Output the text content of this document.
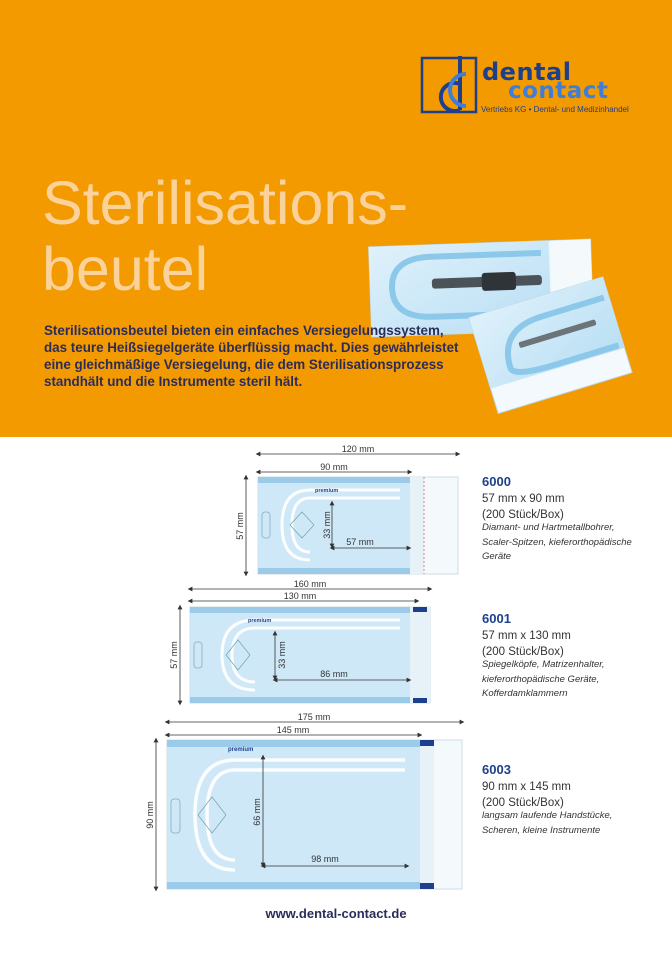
dental
contact
Vertriebs KG • Dental- und Medizinhandel
Sterilisations-
beutel

Sterilisationsbeutel bieten ein einfaches Versiegelungssystem, das teure Heißsiegelgeräte überflüssig macht. Dies gewährleistet eine gleichmäßige Versiegelung, die dem Sterilisationsprozess standhält und die Instrumente steril hält.

premium
premium
premium
120 mm
90 mm
57 mm	33 mm
57 mm
160 mm
130 mm
57 mm	33 mm
86 mm
175 mm
145 mm
90 mm	66 mm
98 mm
6000
57 mm x 90 mm
(200 Stück/Box)

Diamant- und Hartmetallbohrer, Scaler-Spitzen, kieferorthopädische Geräte

6001
57 mm x 130 mm
(200 Stück/Box)

Spiegelköpfe, Matrizenhalter, kieferorthopädische Geräte, Kofferdamklammern

6003
90 mm x 145 mm
(200 Stück/Box)

langsam laufende Handstücke, Scheren, kleine Instrumente

www.dental-contact.de
